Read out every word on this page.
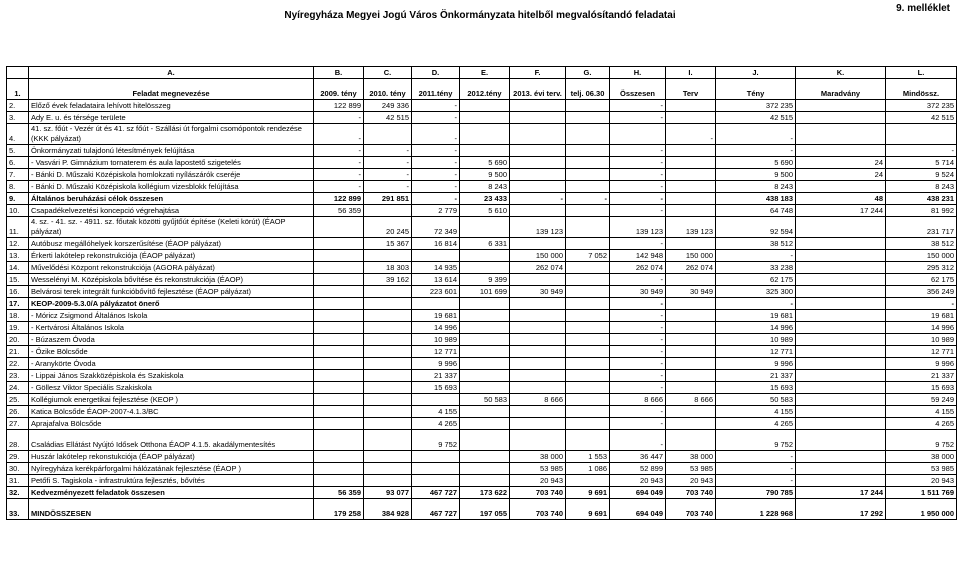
Nyíregyháza Megyei Jogú Város Önkormányzata hitelből megvalósítandó feladatai
9. melléklet
	A.	B.	C.	D.	E.	F.	G.	H.	I.	J.	K.	L.
1.	Feladat megnevezése	2009. tény	2010. tény	2011.tény	2012.tény	2013. évi terv.	telj. 06.30	Összesen	Terv	Tény	Maradvány	Mindössz.
2.	Előző évek feladataira lehívott hitelösszeg	122 899	249 336	-				-		372 235		372 235
3.	Ady E. u. és térsége területe	-	42 515	-				-		42 515		42 515
4.	41. sz. főút - Vezér út és 41. sz főút - Szállási út forgalmi csomópontok rendezése (KKK pályázat)	-		-					-	-		
5.	Önkormányzati tulajdonú létesítmények felújítása	-	-	-				-		-		-
6.	- Vasvári P. Gimnázium tornaterem és aula lapostető szigetelés	-	-	-	5 690			-		5 690	24	5 714
7.	- Bánki D. Műszaki Középiskola homlokzati nyílászárók cseréje	-	-	-	9 500			-		9 500	24	9 524
8.	- Bánki D. Műszaki Középiskola kollégium vizesblokk felújítása	-	-	-	8 243			-		8 243		8 243
9.	Általános beruházási célok összesen	122 899	291 851	-	23 433	-	-	-		438 183	48	438 231
10.	Csapadékelvezetési koncepció végrehajtása	56 359		2 779	5 610			-		64 748	17 244	81 992
11.	4. sz. - 41. sz. - 4911. sz. főutak közötti gyűjtőút építése (Keleti körút) (ÉAOP pályázat)		20 245	72 349		139 123		139 123	139 123	92 594		231 717
12.	Autóbusz megállóhelyek korszerűsítése (ÉAOP pályázat)		15 367	16 814	6 331			-		38 512		38 512
13.	Érkerti lakótelep rekonstrukciója (ÉAOP pályázat)					150 000	7 052	142 948	150 000	-		150 000
14.	Művelődési Központ rekonstrukciója (AGORA pályázat)		18 303	14 935		262 074		262 074	262 074	33 238		295 312
15.	Wesselényi M. Középiskola bővítése és rekonstrukciója (ÉAOP)		39 162	13 614	9 399			-		62 175		62 175
16.	Belvárosi terek integrált funkcióbővítő fejlesztése (ÉAOP pályázat)			223 601	101 699	30 949		30 949	30 949	325 300		356 249
17.	KEOP-2009-5.3.0/A pályázatot önerő							-		-		-
18.	- Móricz Zsigmond Általános Iskola			19 681				-		19 681		19 681
19.	- Kertvárosi Általános Iskola			14 996				-		14 996		14 996
20.	- Búzaszem Óvoda			10 989				-		10 989		10 989
21.	- Őzike Bölcsőde			12 771				-		12 771		12 771
22.	- Aranykörte Óvoda			9 996				-		9 996		9 996
23.	- Lippai János Szakközépiskola és Szakiskola			21 337				-		21 337		21 337
24.	- Göllesz Viktor Speciális Szakiskola			15 693				-		15 693		15 693
25.	Kollégiumok energetikai fejlesztése (KEOP )				50 583	8 666		8 666	8 666	50 583		59 249
26.	Katica Bölcsőde ÉAOP-2007-4.1.3/BC			4 155				-		4 155		4 155
27.	Aprajafalva Bölcsőde			4 265				-		4 265		4 265
28.	Családias Ellátást Nyújtó Idősek Otthona ÉAOP 4.1.5. akadálymentesítés			9 752				-		9 752		9 752
29.	Huszár lakótelep rekonstukciója (ÉAOP pályázat)					38 000	1 553	36 447	38 000	-		38 000
30.	Nyíregyháza kerékpárforgalmi hálózatának fejlesztése (ÉAOP )					53 985	1 086	52 899	53 985	-		53 985
31.	Petőfi S. Tagiskola - infrastruktúra fejlesztés, bővítés					20 943		20 943	20 943	-		20 943
32.	Kedvezményezett feladatok összesen	56 359	93 077	467 727	173 622	703 740	9 691	694 049	703 740	790 785	17 244	1 511 769
33.	MINDÖSSZESEN	179 258	384 928	467 727	197 055	703 740	9 691	694 049	703 740	1 228 968	17 292	1 950 000
